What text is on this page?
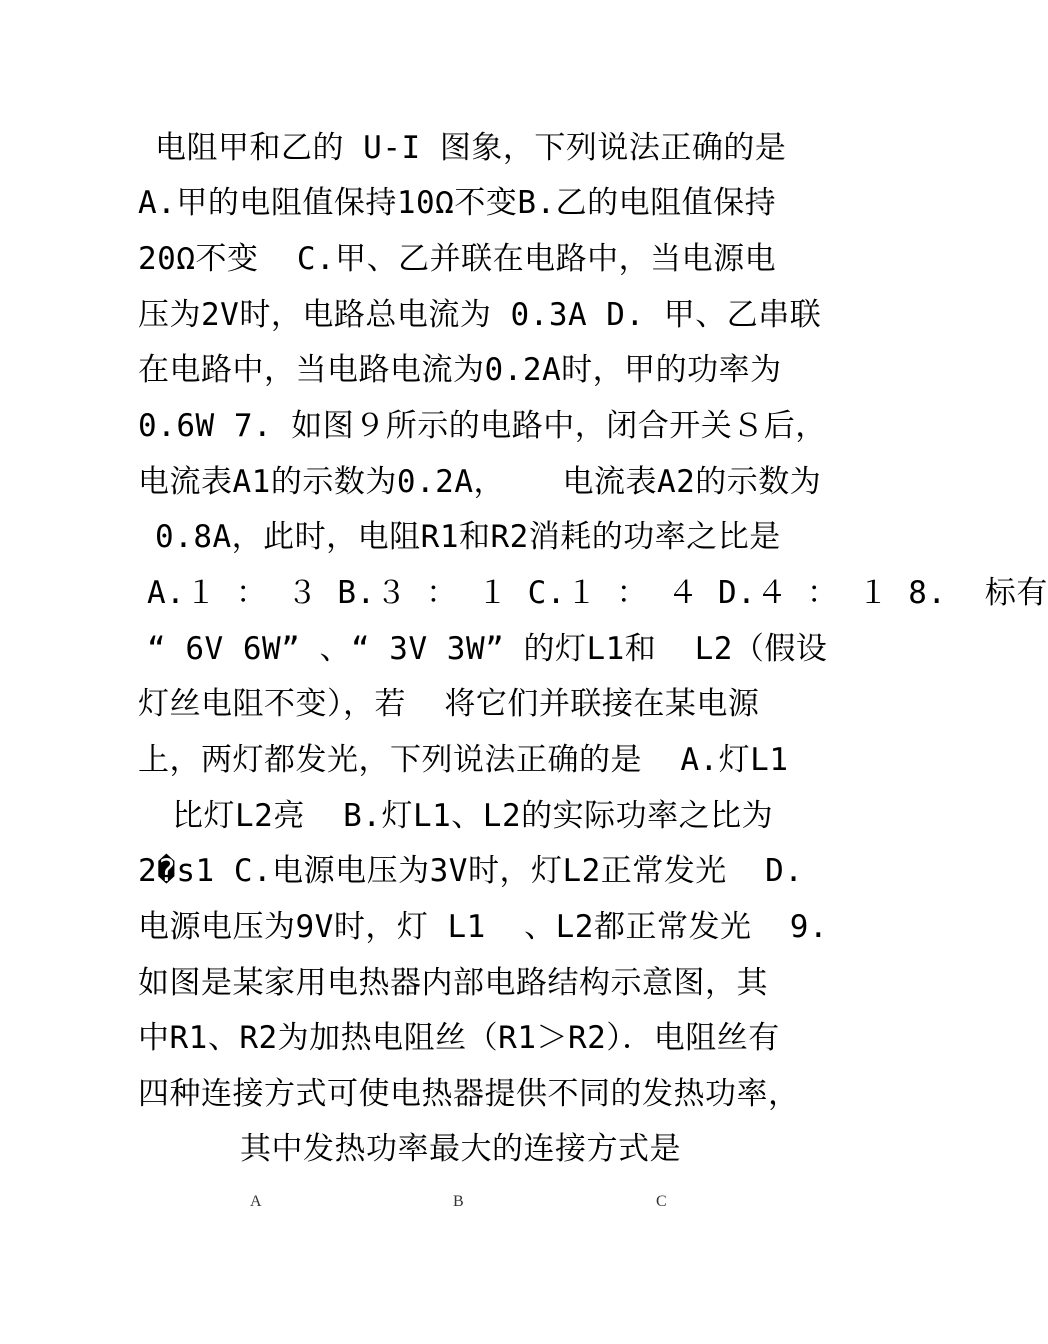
电阻甲和乙的 U-I 图象，下列说法正确的是
A.甲的电阻值保持10Ω不变B.乙的电阻值保持
20Ω不变  C.甲、乙并联在电路中，当电源电
压为2V时，电路总电流为 0.3A D. 甲、乙串联
在电路中，当电路电流为0.2A时，甲的功率为
0.6W 7. 如图９所示的电路中，闭合开关Ｓ后，
电流表A1的示数为0.2A，   电流表A2的示数为
0.8A，此时，电阻R1和R2消耗的功率之比是
A.１ ： ３ B.３ ： １ C.１ ： ４ D.４ ： １ 8.  标有
“ 6V 6W” 、“ 3V 3W” 的灯L1和  L2（假设
灯丝电阻不变），若  将它们并联接在某电源
上，两灯都发光，下列说法正确的是  A.灯L1
比灯L2亮  B.灯L1、L2的实际功率之比为
2�s1 C.电源电压为3V时，灯L2正常发光  D.
电源电压为9V时，灯 L1  、L2都正常发光  9.
如图是某家用电热器内部电路结构示意图，其
中R1、R2为加热电阻丝（R1＞R2）．电阻丝有
四种连接方式可使电热器提供不同的发热功率，
其中发热功率最大的连接方式是
A	B	C
